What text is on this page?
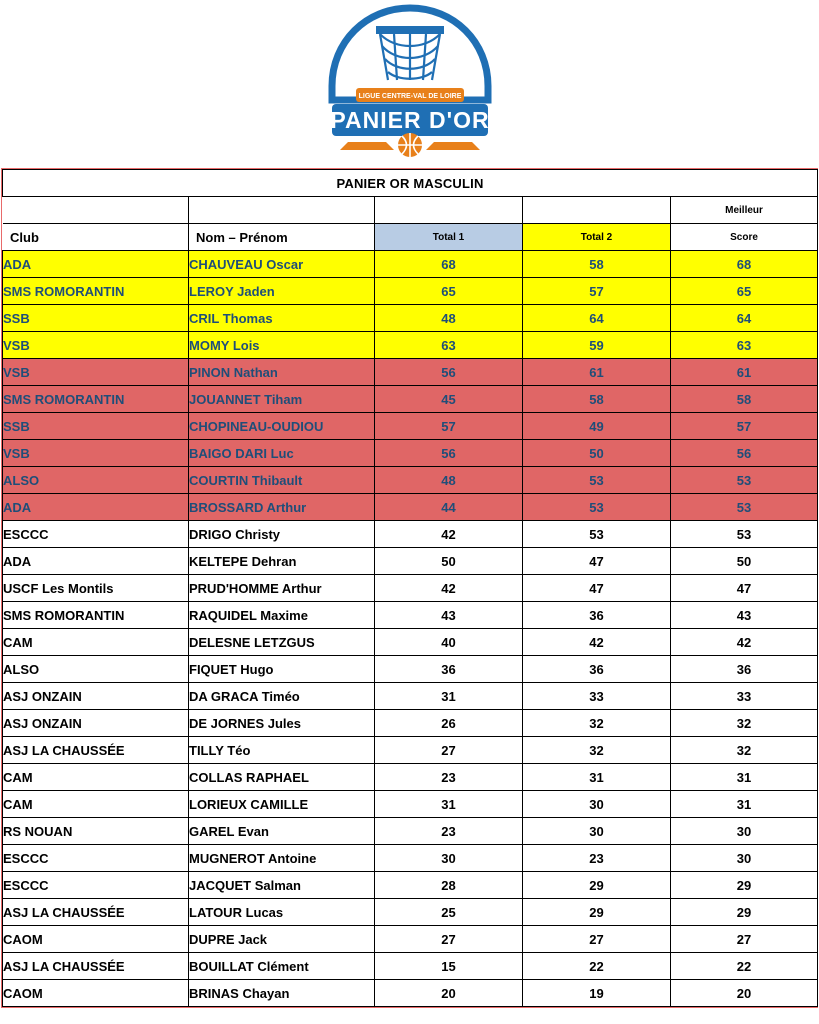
LIGUE CENTRE-VAL DE LOIRE
PANIER D'OR
PANIER OR MASCULIN				
				Meilleur
Club	Nom – Prénom	Total 1	Total 2	Score
ADA	CHAUVEAU Oscar	68	58	68
SMS ROMORANTIN	LEROY Jaden	65	57	65
SSB	CRIL Thomas	48	64	64
VSB	MOMY Lois	63	59	63
VSB	PINON Nathan	56	61	61
SMS ROMORANTIN	JOUANNET Tiham	45	58	58
SSB	CHOPINEAU-OUDIOU	57	49	57
VSB	BAIGO DARI Luc	56	50	56
ALSO	COURTIN Thibault	48	53	53
ADA	BROSSARD Arthur	44	53	53
ESCCC	DRIGO Christy	42	53	53
ADA	KELTEPE Dehran	50	47	50
USCF Les Montils	PRUD'HOMME Arthur	42	47	47
SMS ROMORANTIN	RAQUIDEL Maxime	43	36	43
CAM	DELESNE LETZGUS	40	42	42
ALSO	FIQUET Hugo	36	36	36
ASJ ONZAIN	DA GRACA Timéo	31	33	33
ASJ ONZAIN	DE JORNES Jules	26	32	32
ASJ LA CHAUSSÉE	TILLY Téo	27	32	32
CAM	COLLAS RAPHAEL	23	31	31
CAM	LORIEUX CAMILLE	31	30	31
RS NOUAN	GAREL Evan	23	30	30
ESCCC	MUGNEROT Antoine	30	23	30
ESCCC	JACQUET Salman	28	29	29
ASJ LA CHAUSSÉE	LATOUR Lucas	25	29	29
CAOM	DUPRE Jack	27	27	27
ASJ LA CHAUSSÉE	BOUILLAT Clément	15	22	22
CAOM	BRINAS Chayan	20	19	20
